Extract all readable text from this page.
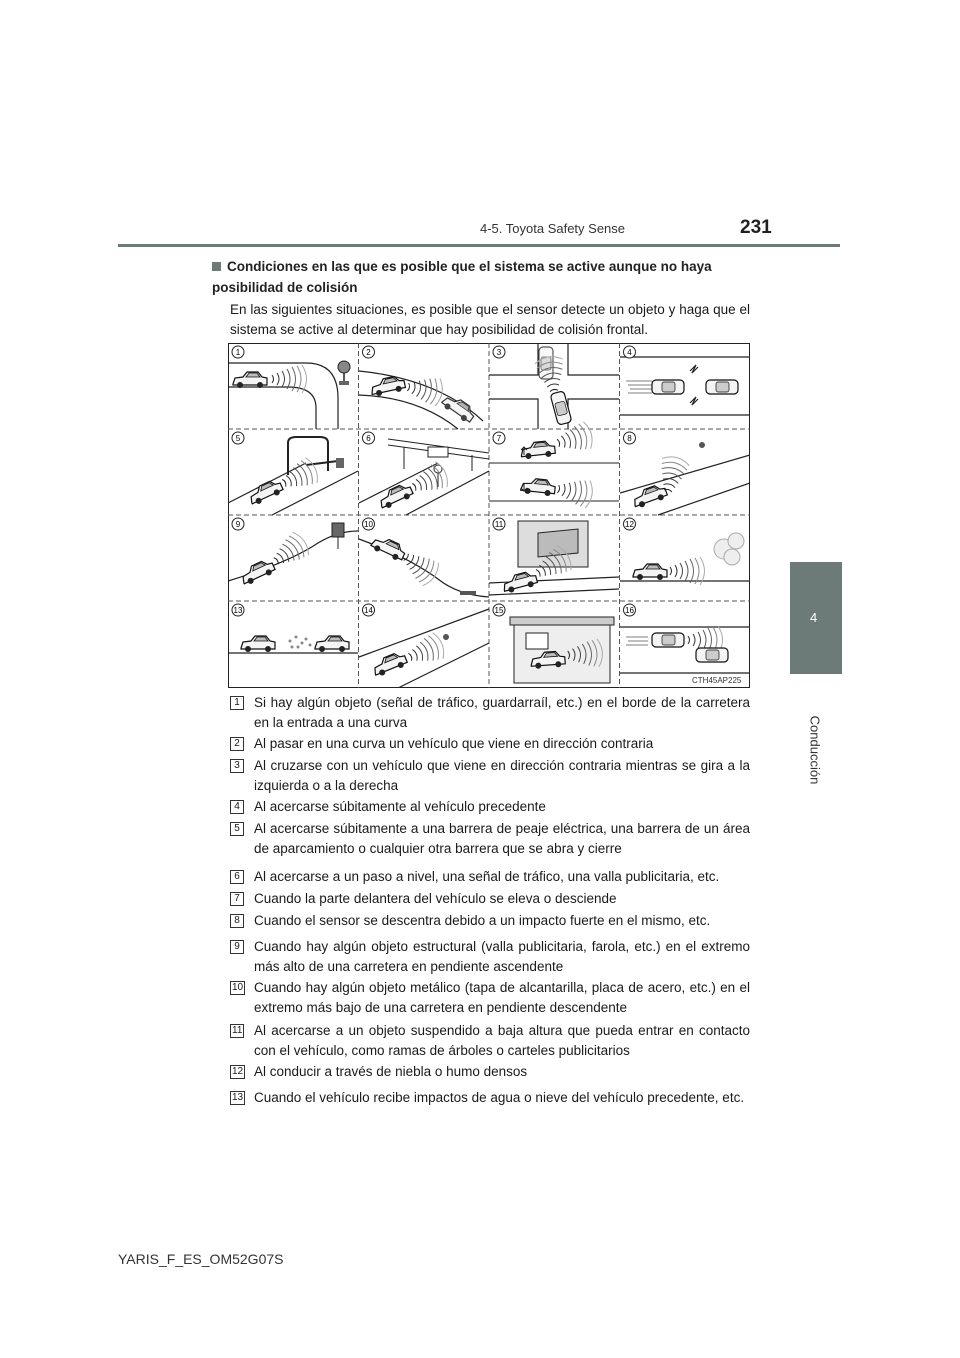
4-5. Toyota Safety Sense	231
4
Conducción
Condiciones en las que es posible que el sistema se active aunque no haya posibilidad de colisión
En las siguientes situaciones, es posible que el sensor detecte un objeto y haga que el sistema se active al determinar que hay posibilidad de colisión frontal.
1	2	3	4
5	6	7	8
9	10	11	12
13	14	15	16
CTH45AP225
1	Si hay algún objeto (señal de tráfico, guardarraíl, etc.) en el borde de la carretera en la entrada a una curva
2	Al pasar en una curva un vehículo que viene en dirección contraria
3	Al cruzarse con un vehículo que viene en dirección contraria mientras se gira a la izquierda o a la derecha
4	Al acercarse súbitamente al vehículo precedente
5	Al acercarse súbitamente a una barrera de peaje eléctrica, una barrera de un área de aparcamiento o cualquier otra barrera que se abra y cierre
6	Al acercarse a un paso a nivel, una señal de tráfico, una valla publicitaria, etc.
7	Cuando la parte delantera del vehículo se eleva o desciende
8	Cuando el sensor se descentra debido a un impacto fuerte en el mismo, etc.
9	Cuando hay algún objeto estructural (valla publicitaria, farola, etc.) en el extremo más alto de una carretera en pendiente ascendente
10 Cuando hay algún objeto metálico (tapa de alcantarilla, placa de acero, etc.) en el extremo más bajo de una carretera en pendiente descendente
11 Al acercarse a un objeto suspendido a baja altura que pueda entrar en contacto con el vehículo, como ramas de árboles o carteles publicitarios
12 Al conducir a través de niebla o humo densos
13 Cuando el vehículo recibe impactos de agua o nieve del vehículo precedente, etc.
YARIS_F_ES_OM52G07S
